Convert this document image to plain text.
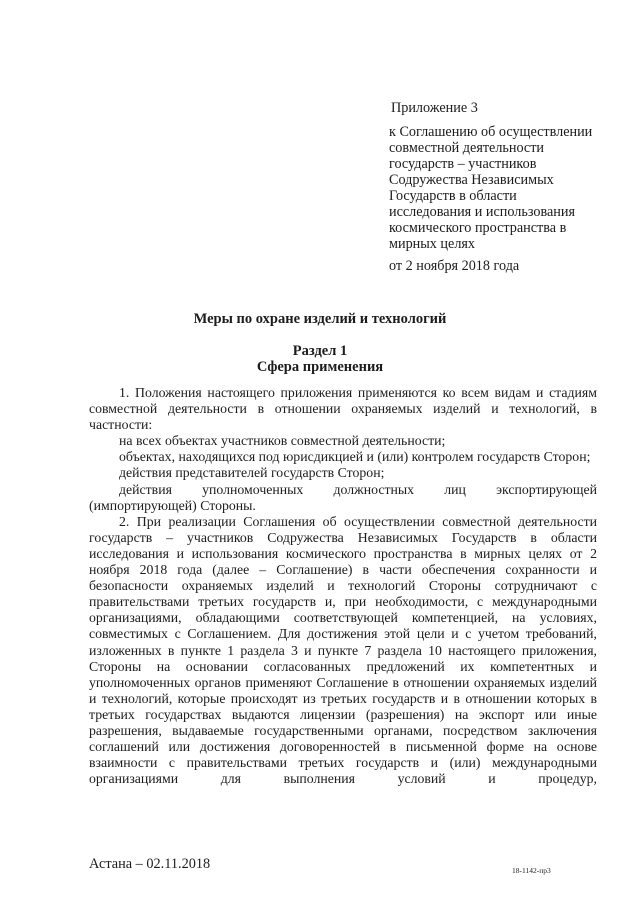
Приложение 3

к Соглашению об осуществлении

совместной деятельности

государств – участников

Содружества Независимых

Государств в области

исследования и использования

космического пространства в

мирных целях

от 2 ноября 2018 года

Меры по охране изделий и технологий
Раздел 1
Сфера применения

1. Положения настоящего приложения применяются ко всем видам и стадиям совместной деятельности в отношении охраняемых изделий и технологий, в частности:

на всех объектах участников совместной деятельности;

объектах, находящихся под юрисдикцией и (или) контролем государств Сторон;

действия представителей государств Сторон;

действия уполномоченных должностных лиц экспортирующей (импортирующей) Стороны.

2. При реализации Соглашения об осуществлении совместной деятельности государств – участников Содружества Независимых Государств в области исследования и использования космического пространства в мирных целях от 2 ноября 2018 года (далее – Соглашение) в части обеспечения сохранности и безопасности охраняемых изделий и технологий Стороны сотрудничают с правительствами третьих государств и, при необходимости, с международными организациями, обладающими соответствующей компетенцией, на условиях, совместимых с Соглашением. Для достижения этой цели и с учетом требований, изложенных в пункте 1 раздела 3 и пункте 7 раздела 10 настоящего приложения, Стороны на основании согласованных предложений их компетентных и уполномоченных органов применяют Соглашение в отношении охраняемых изделий и технологий, которые происходят из третьих государств и в отношении которых в третьих государствах выдаются лицензии (разрешения) на экспорт или иные разрешения, выдаваемые государственными органами, посредством заключения соглашений или достижения договоренностей в письменной форме на основе взаимности с правительствами третьих государств и (или) международными организациями для выполнения условий и процедур,

Астана – 02.11.2018	18-1142-пр3
